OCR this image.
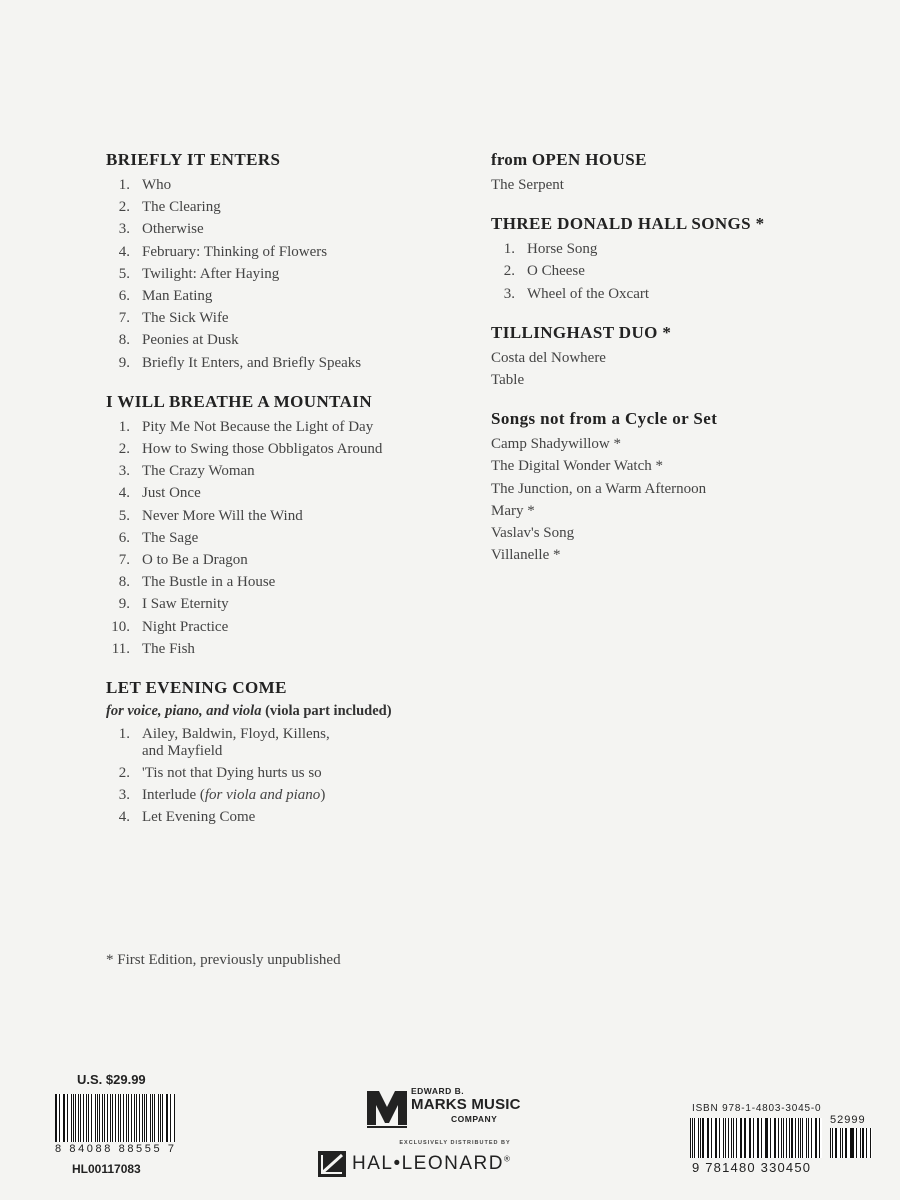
BRIEFLY IT ENTERS
1. Who
2. The Clearing
3. Otherwise
4. February: Thinking of Flowers
5. Twilight: After Haying
6. Man Eating
7. The Sick Wife
8. Peonies at Dusk
9. Briefly It Enters, and Briefly Speaks
I WILL BREATHE A MOUNTAIN
1. Pity Me Not Because the Light of Day
2. How to Swing those Obbligatos Around
3. The Crazy Woman
4. Just Once
5. Never More Will the Wind
6. The Sage
7. O to Be a Dragon
8. The Bustle in a House
9. I Saw Eternity
10. Night Practice
11. The Fish
LET EVENING COME
for voice, piano, and viola (viola part included)
1. Ailey, Baldwin, Floyd, Killens,
and Mayfield
2. 'Tis not that Dying hurts us so
3. Interlude (for viola and piano)
4. Let Evening Come
from OPEN HOUSE
The Serpent
THREE DONALD HALL SONGS *
1. Horse Song
2. O Cheese
3. Wheel of the Oxcart
TILLINGHAST DUO *
Costa del Nowhere
Table
Songs not from a Cycle or Set
Camp Shadywillow *
The Digital Wonder Watch *
The Junction, on a Warm Afternoon
Mary *
Vaslav's Song
Villanelle *
* First Edition, previously unpublished
U.S. $29.99
8 84088 88555 7
HL00117083
EDWARD B.
MARKS MUSIC
COMPANY
EXCLUSIVELY DISTRIBUTED BY
HAL•LEONARD®
ISBN 978-1-4803-3045-0
52999
9 781480 330450
